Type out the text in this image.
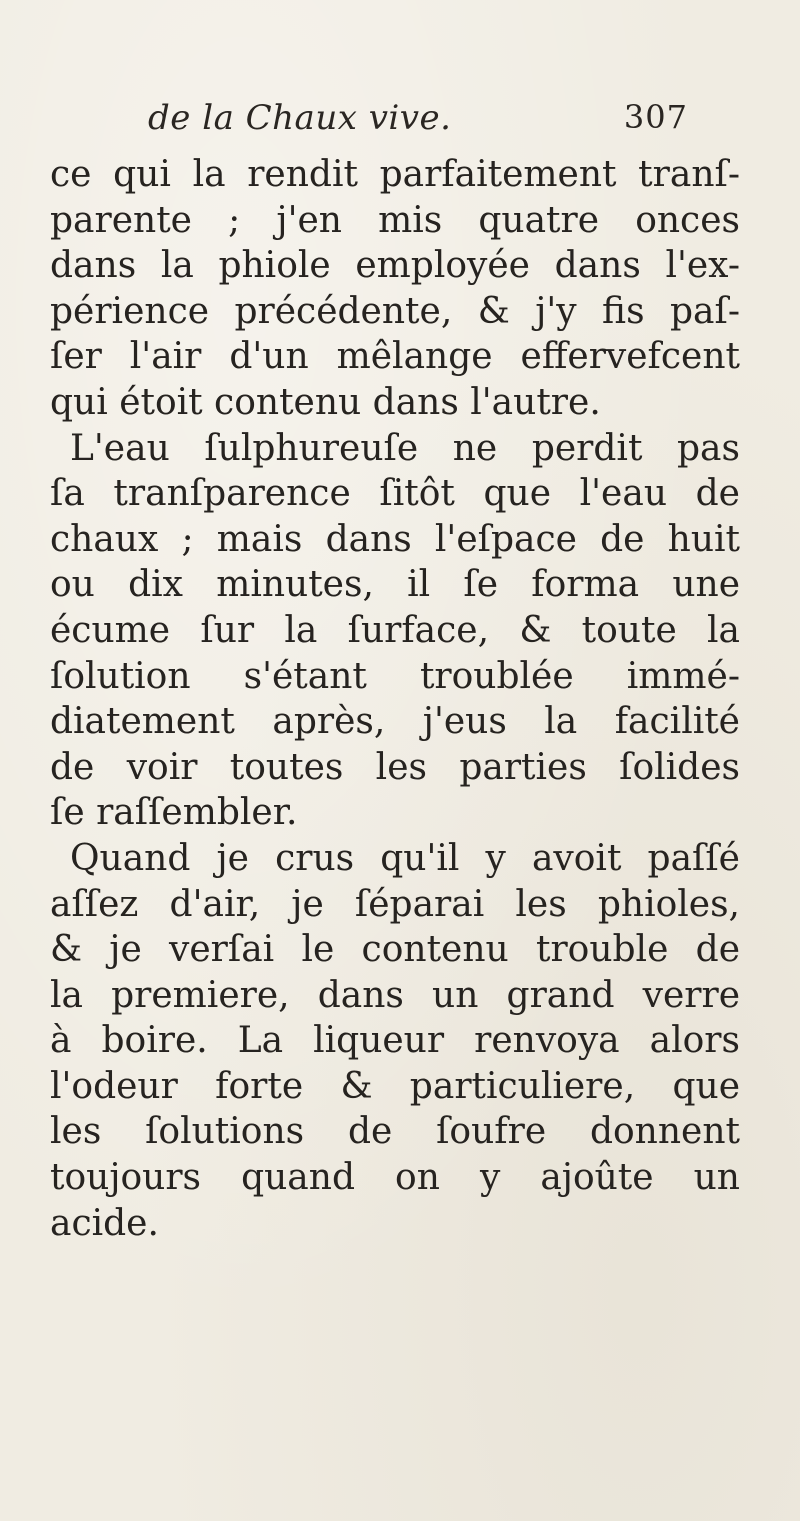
de la Chaux vive.	307
ce qui la rendit parfaitement tranſ-
parente ; j'en mis quatre onces
dans la phiole employée dans l'ex-
périence précédente, & j'y fis paſ-
ſer l'air d'un mêlange effervefcent
qui étoit contenu dans l'autre.
L'eau ſulphureuſe ne perdit pas
ſa tranſparence ſitôt que l'eau de
chaux ; mais dans l'eſpace de huit
ou dix minutes, il ſe forma une
écume ſur la ſurface, & toute la
ſolution s'étant troublée immé-
diatement après, j'eus la facilité
de voir toutes les parties ſolides
ſe raſſembler.
Quand je crus qu'il y avoit paſſé
aſſez d'air, je ſéparai les phioles,
& je verſai le contenu trouble de
la premiere, dans un grand verre
à boire. La liqueur renvoya alors
l'odeur forte & particuliere, que
les ſolutions de ſoufre donnent
toujours quand on y ajoûte un
acide.
